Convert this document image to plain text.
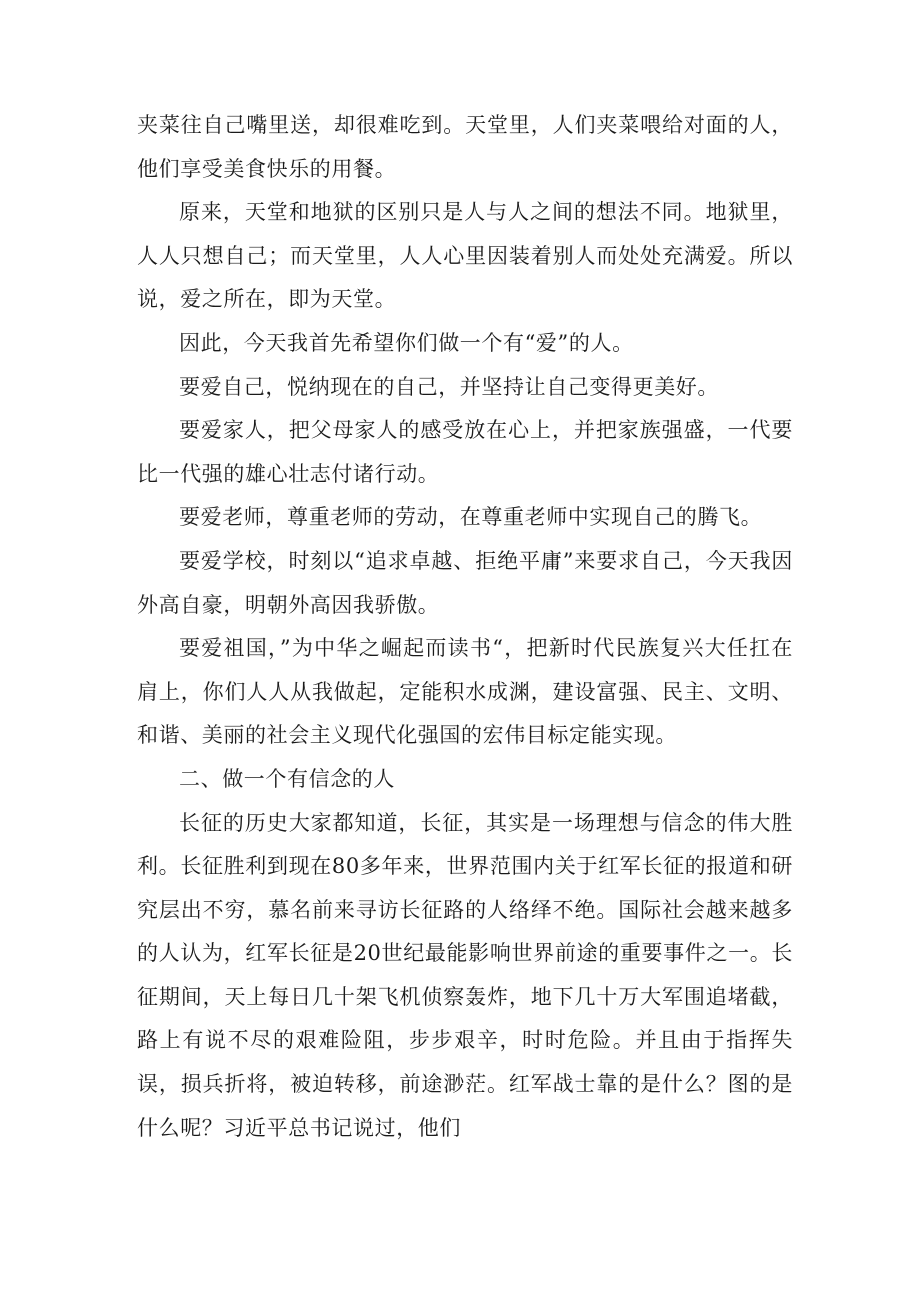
夹菜往自己嘴里送，却很难吃到。天堂里，人们夹菜喂给对面的人，他们享受美食快乐的用餐。

原来，天堂和地狱的区别只是人与人之间的想法不同。地狱里，人人只想自己；而天堂里，人人心里因装着别人而处处充满爱。所以说，爱之所在，即为天堂。

因此，今天我首先希望你们做一个有“爱”的人。

要爱自己，悦纳现在的自己，并坚持让自己变得更美好。

要爱家人，把父母家人的感受放在心上，并把家族强盛，一代要比一代强的雄心壮志付诸行动。

要爱老师，尊重老师的劳动，在尊重老师中实现自己的腾飞。

要爱学校，时刻以“追求卓越、拒绝平庸”来要求自己，今天我因外高自豪，明朝外高因我骄傲。

要爱祖国，”为中华之崛起而读书“，把新时代民族复兴大任扛在肩上，你们人人从我做起，定能积水成渊，建设富强、民主、文明、和谐、美丽的社会主义现代化强国的宏伟目标定能实现。

二、做一个有信念的人

长征的历史大家都知道，长征，其实是一场理想与信念的伟大胜利。长征胜利到现在80多年来，世界范围内关于红军长征的报道和研究层出不穷，慕名前来寻访长征路的人络绎不绝。国际社会越来越多的人认为，红军长征是20世纪最能影响世界前途的重要事件之一。长征期间，天上每日几十架飞机侦察轰炸，地下几十万大军围追堵截，路上有说不尽的艰难险阻，步步艰辛，时时危险。并且由于指挥失误，损兵折将，被迫转移，前途渺茫。红军战士靠的是什么？图的是什么呢？习近平总书记说过，他们
